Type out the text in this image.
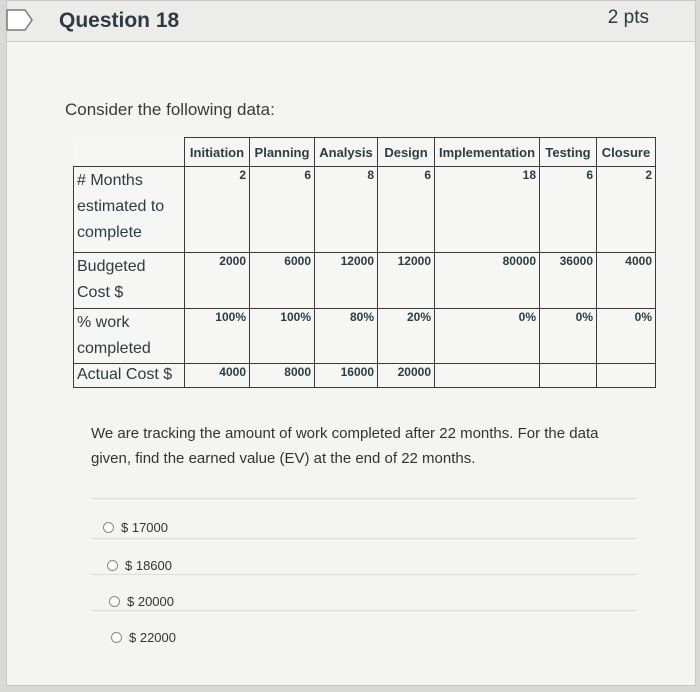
Question 18	2 pts
Consider the following data:
	Initiation	Planning	Analysis	Design	Implementation	Testing	Closure
# Months estimated to complete	2	6	8	6	18	6	2
Budgeted Cost $	2000	6000	12000	12000	80000	36000	4000
% work completed	100%	100%	80%	20%	0%	0%	0%
Actual Cost $	4000	8000	16000	20000			
We are tracking the amount of work completed after 22 months. For the data given, find the earned value (EV) at the end of 22 months.
$ 17000
$ 18600
$ 20000
$ 22000
